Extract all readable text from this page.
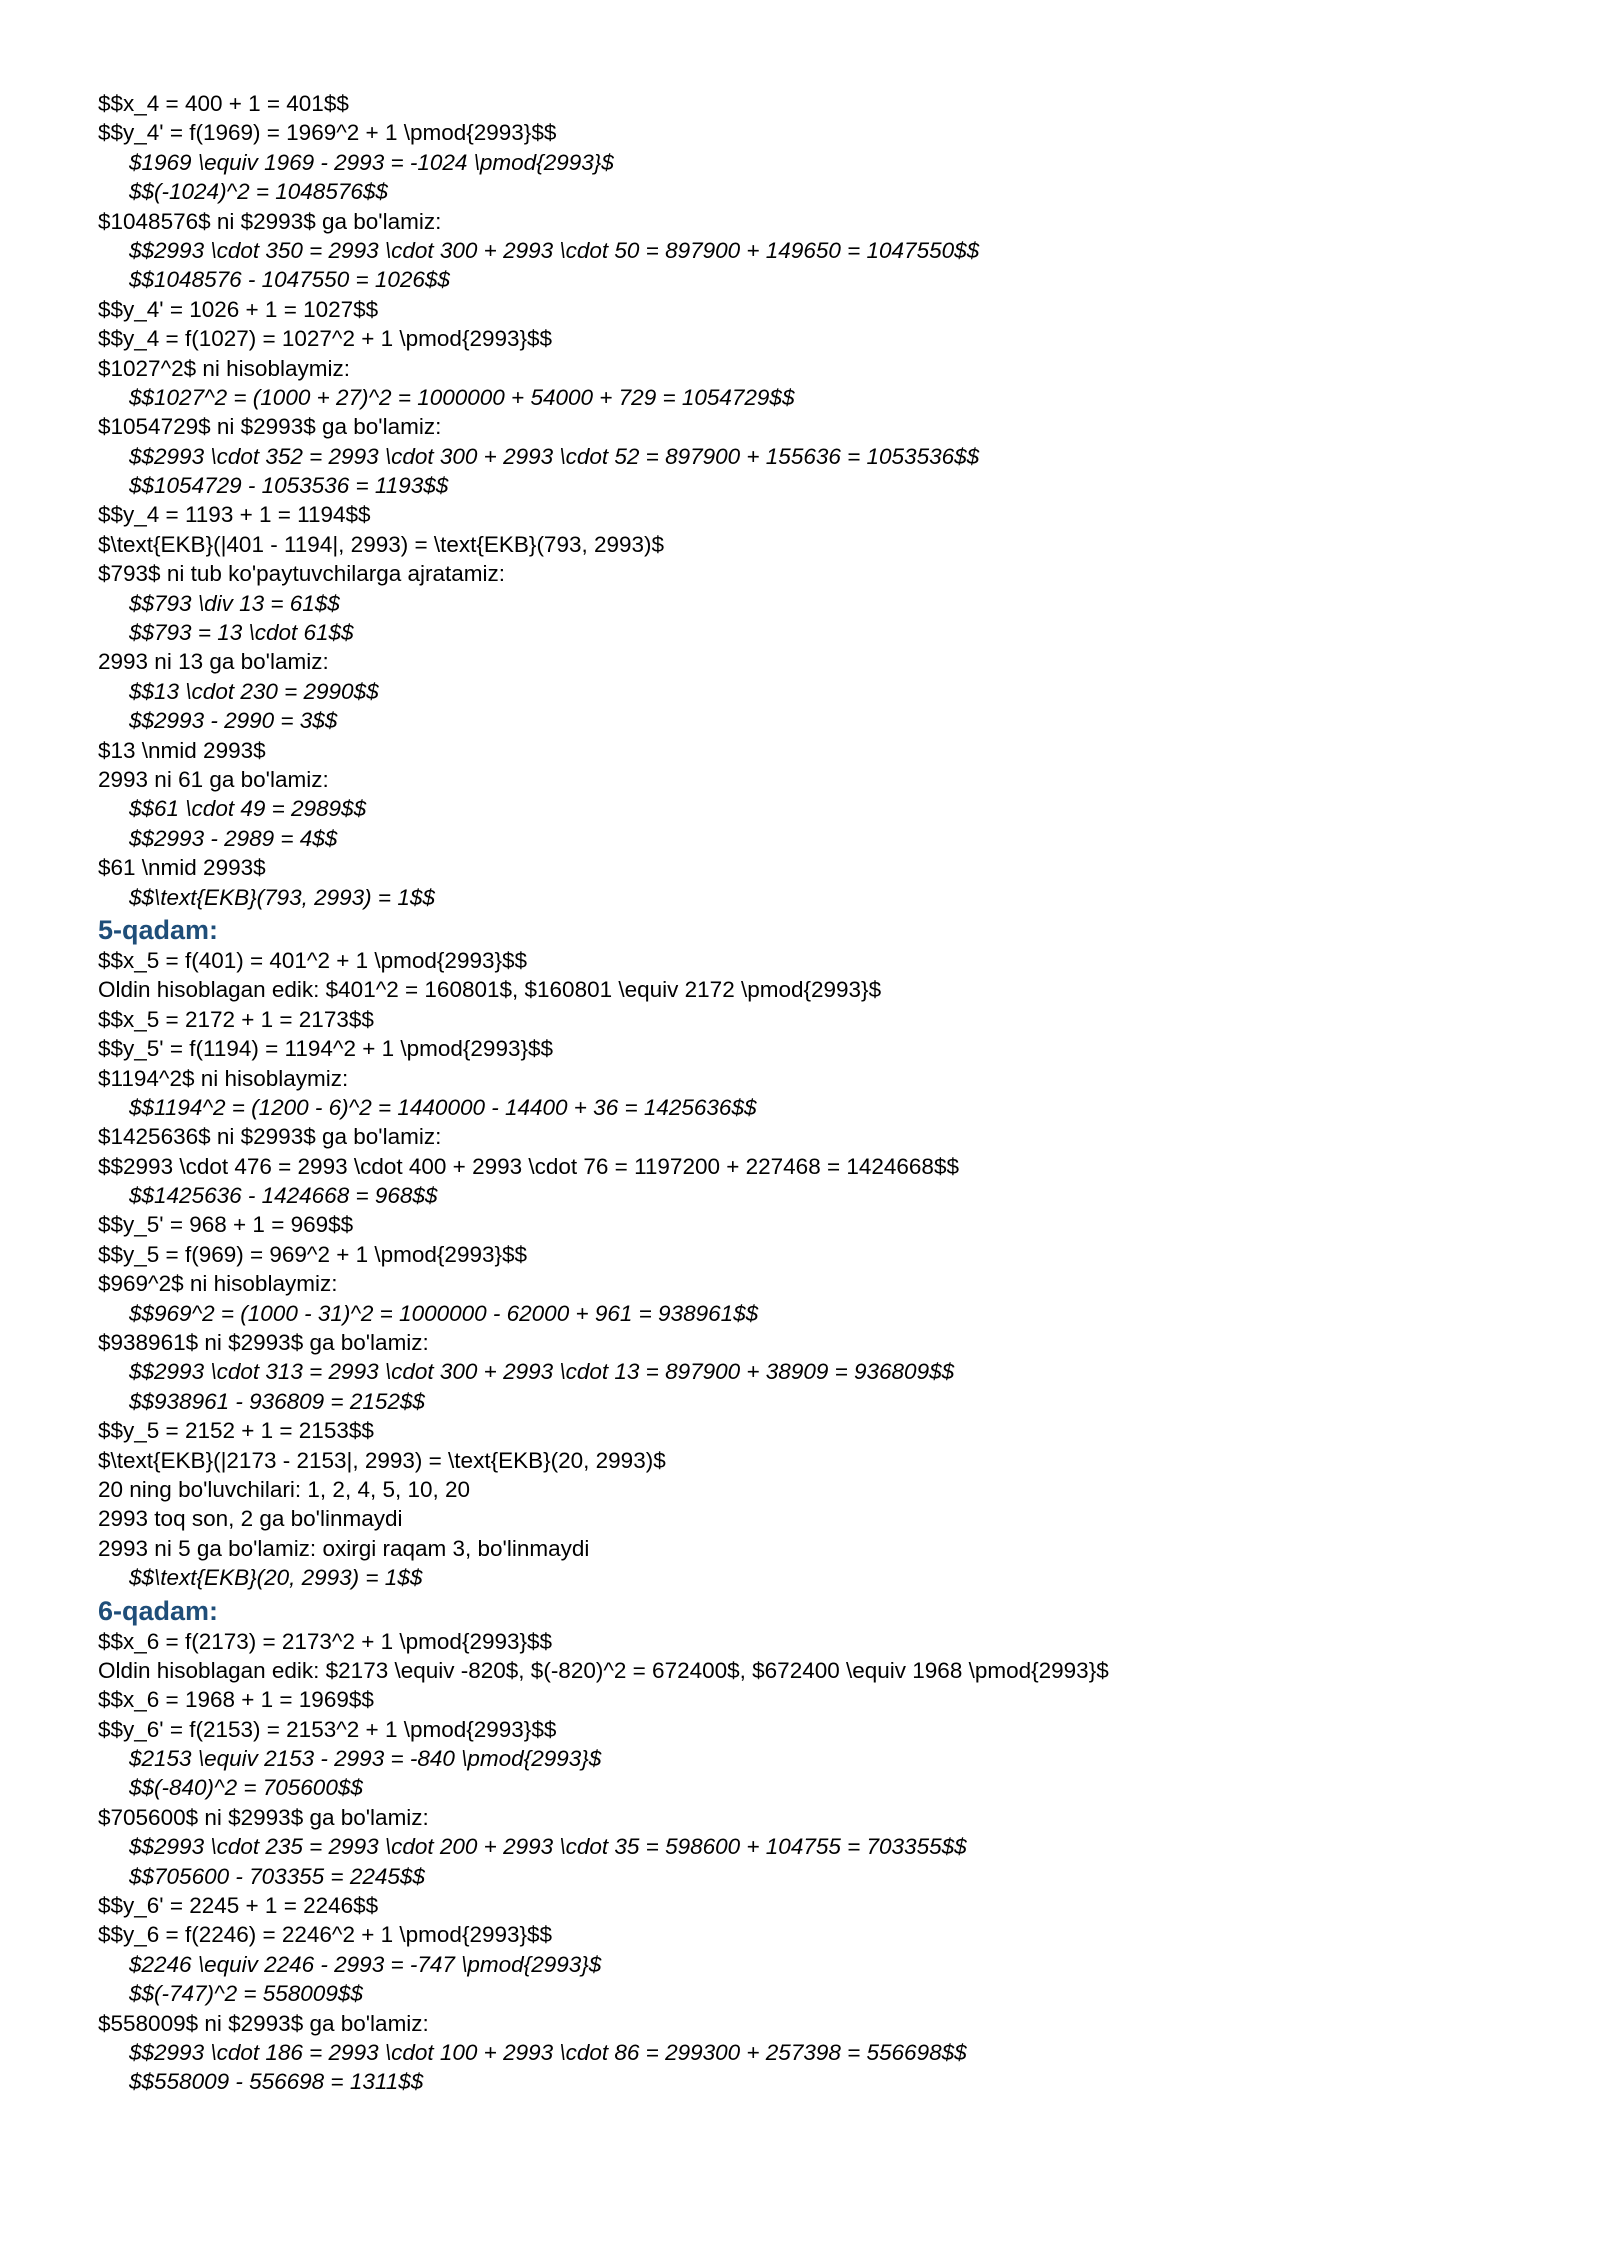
$$x_4 = 400 + 1 = 401$$
$$y_4' = f(1969) = 1969^2 + 1 \pmod{2993}$$
$1969 \equiv 1969 - 2993 = -1024 \pmod{2993}$
$$(-1024)^2 = 1048576$$
$1048576$ ni $2993$ ga bo'lamiz:
$$2993 \cdot 350 = 2993 \cdot 300 + 2993 \cdot 50 = 897900 + 149650 = 1047550$$
$$1048576 - 1047550 = 1026$$
$$y_4' = 1026 + 1 = 1027$$
$$y_4 = f(1027) = 1027^2 + 1 \pmod{2993}$$
$1027^2$ ni hisoblaymiz:
$$1027^2 = (1000 + 27)^2 = 1000000 + 54000 + 729 = 1054729$$
$1054729$ ni $2993$ ga bo'lamiz:
$$2993 \cdot 352 = 2993 \cdot 300 + 2993 \cdot 52 = 897900 + 155636 = 1053536$$
$$1054729 - 1053536 = 1193$$
$$y_4 = 1193 + 1 = 1194$$
$\text{EKB}(|401 - 1194|, 2993) = \text{EKB}(793, 2993)$
$793$ ni tub ko'paytuvchilarga ajratamiz:
$$793 \div 13 = 61$$
$$793 = 13 \cdot 61$$
2993 ni 13 ga bo'lamiz:
$$13 \cdot 230 = 2990$$
$$2993 - 2990 = 3$$
$13 \nmid 2993$
2993 ni 61 ga bo'lamiz:
$$61 \cdot 49 = 2989$$
$$2993 - 2989 = 4$$
$61 \nmid 2993$
$$\text{EKB}(793, 2993) = 1$$
5-qadam:
$$x_5 = f(401) = 401^2 + 1 \pmod{2993}$$
Oldin hisoblagan edik: $401^2 = 160801$, $160801 \equiv 2172 \pmod{2993}$
$$x_5 = 2172 + 1 = 2173$$
$$y_5' = f(1194) = 1194^2 + 1 \pmod{2993}$$
$1194^2$ ni hisoblaymiz:
$$1194^2 = (1200 - 6)^2 = 1440000 - 14400 + 36 = 1425636$$
$1425636$ ni $2993$ ga bo'lamiz:
$$2993 \cdot 476 = 2993 \cdot 400 + 2993 \cdot 76 = 1197200 + 227468 = 1424668$$
$$1425636 - 1424668 = 968$$
$$y_5' = 968 + 1 = 969$$
$$y_5 = f(969) = 969^2 + 1 \pmod{2993}$$
$969^2$ ni hisoblaymiz:
$$969^2 = (1000 - 31)^2 = 1000000 - 62000 + 961 = 938961$$
$938961$ ni $2993$ ga bo'lamiz:
$$2993 \cdot 313 = 2993 \cdot 300 + 2993 \cdot 13 = 897900 + 38909 = 936809$$
$$938961 - 936809 = 2152$$
$$y_5 = 2152 + 1 = 2153$$
$\text{EKB}(|2173 - 2153|, 2993) = \text{EKB}(20, 2993)$
20 ning bo'luvchilari: 1, 2, 4, 5, 10, 20
2993 toq son, 2 ga bo'linmaydi
2993 ni 5 ga bo'lamiz: oxirgi raqam 3, bo'linmaydi
$$\text{EKB}(20, 2993) = 1$$
6-qadam:
$$x_6 = f(2173) = 2173^2 + 1 \pmod{2993}$$
Oldin hisoblagan edik: $2173 \equiv -820$, $(-820)^2 = 672400$, $672400 \equiv 1968 \pmod{2993}$
$$x_6 = 1968 + 1 = 1969$$
$$y_6' = f(2153) = 2153^2 + 1 \pmod{2993}$$
$2153 \equiv 2153 - 2993 = -840 \pmod{2993}$
$$(-840)^2 = 705600$$
$705600$ ni $2993$ ga bo'lamiz:
$$2993 \cdot 235 = 2993 \cdot 200 + 2993 \cdot 35 = 598600 + 104755 = 703355$$
$$705600 - 703355 = 2245$$
$$y_6' = 2245 + 1 = 2246$$
$$y_6 = f(2246) = 2246^2 + 1 \pmod{2993}$$
$2246 \equiv 2246 - 2993 = -747 \pmod{2993}$
$$(-747)^2 = 558009$$
$558009$ ni $2993$ ga bo'lamiz:
$$2993 \cdot 186 = 2993 \cdot 100 + 2993 \cdot 86 = 299300 + 257398 = 556698$$
$$558009 - 556698 = 1311$$
